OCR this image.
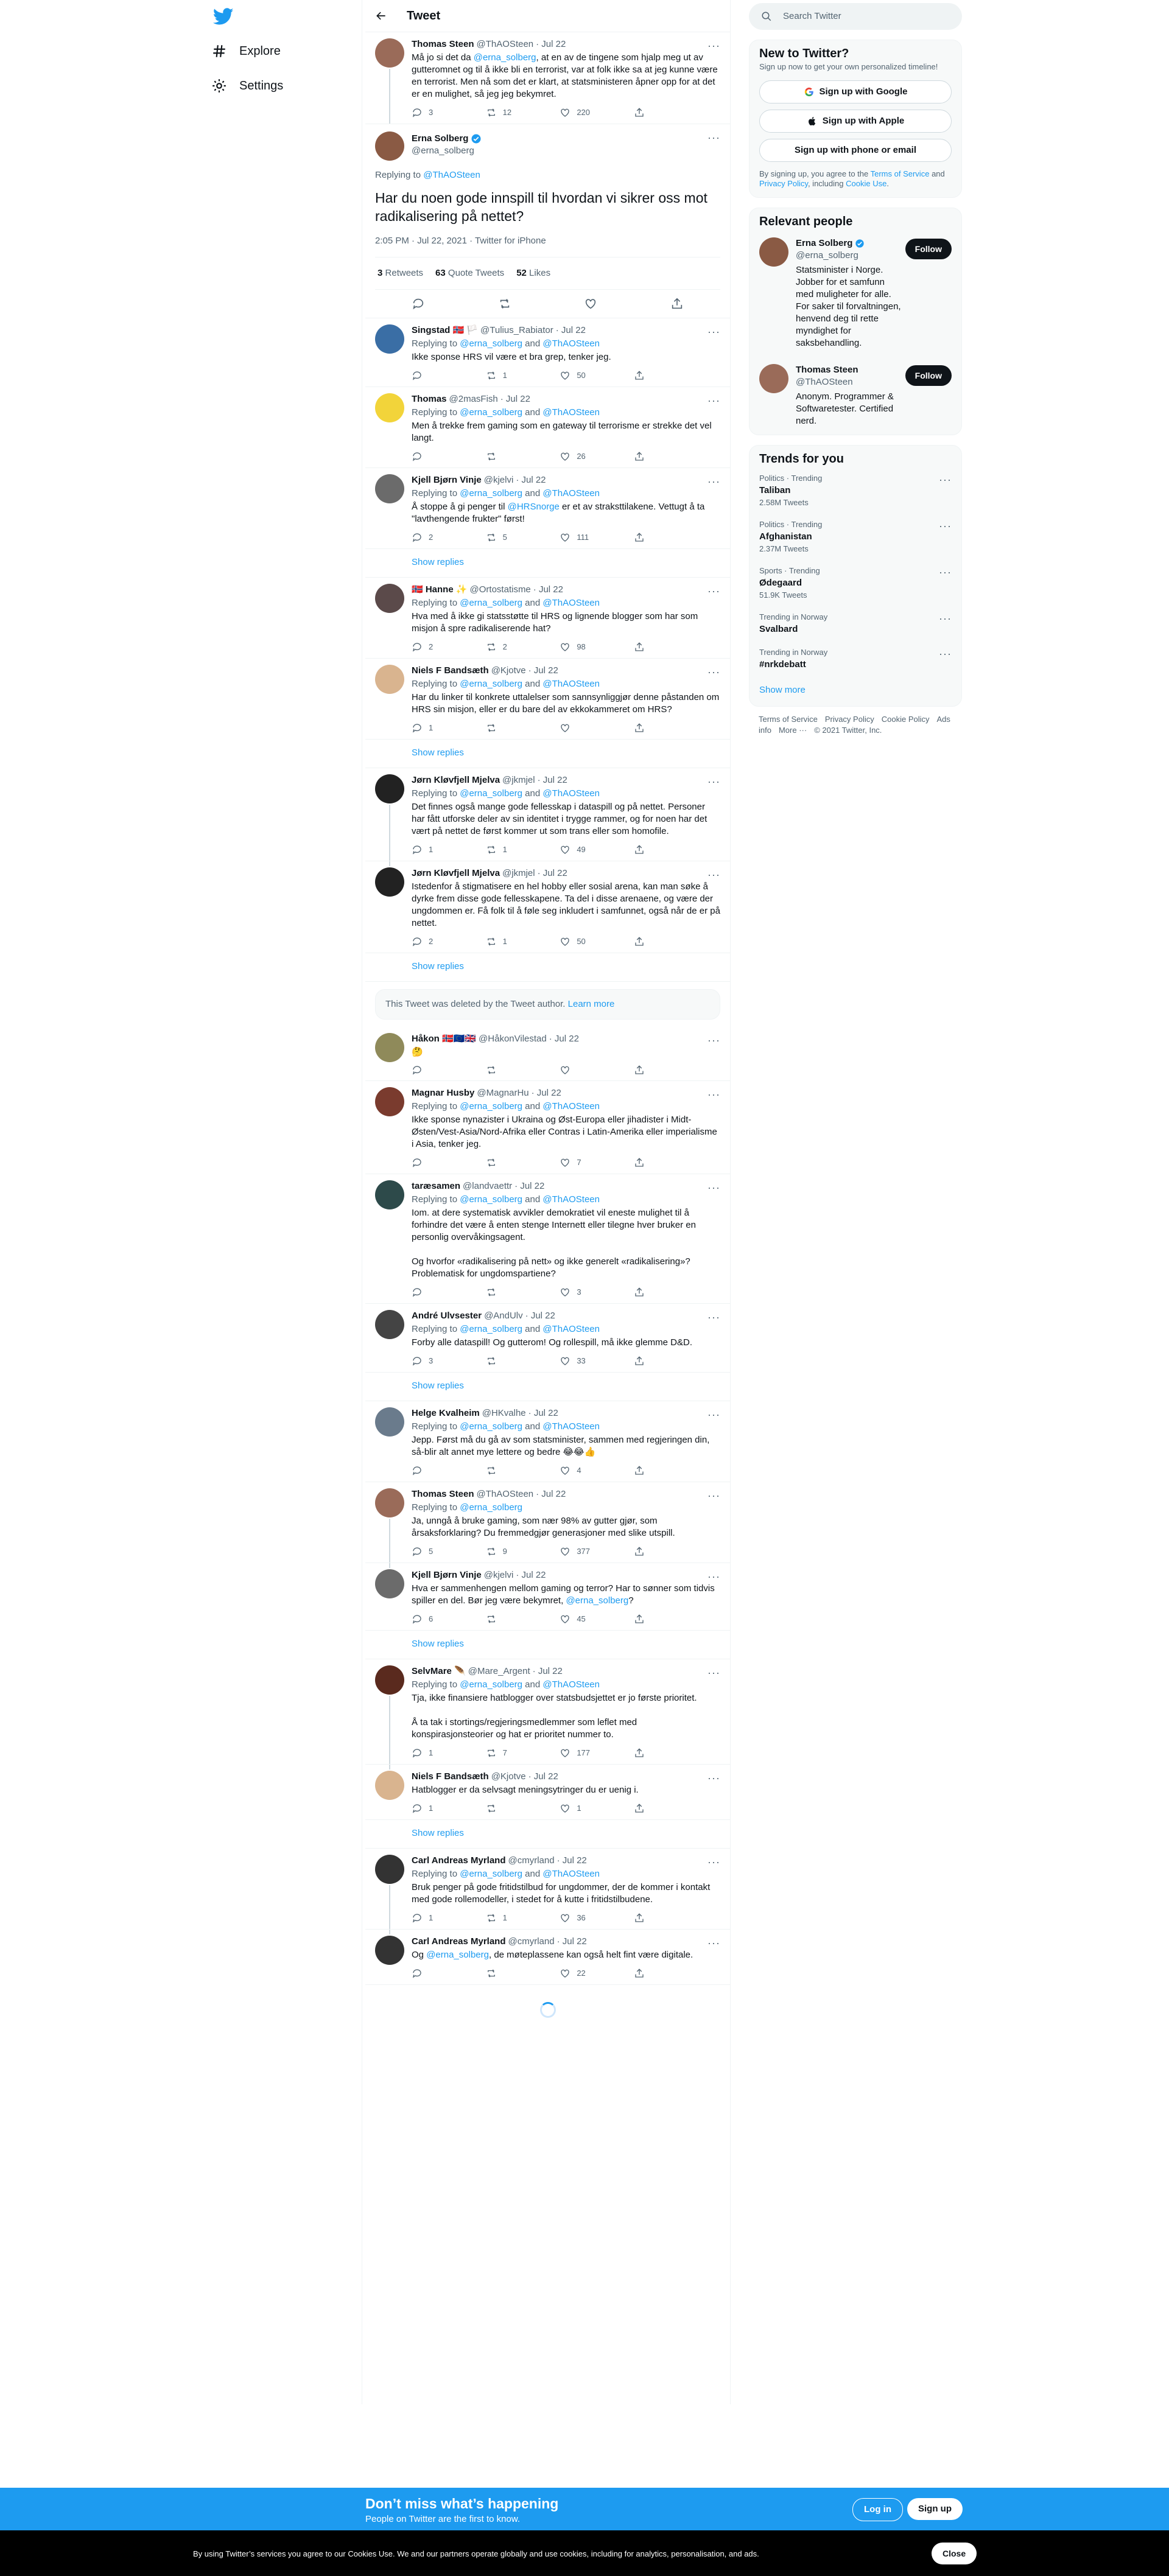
Explore
Settings
Tweet
Thomas Steen @ThAOSteen · Jul 22	···
Må jo si det da @erna_solberg, at en av de tingene som hjalp meg ut av gutteromnet og til å ikke bli en terrorist, var at folk ikke sa at jeg kunne være en terrorist. Men nå som det er klart, at statsministeren åpner opp for at det er en mulighet, så jeg jeg bekymret.
3	12	220
Erna Solberg
@erna_solberg
···
Replying to @ThAOSteen
Har du noen gode innspill til hvordan vi sikrer oss mot radikalisering på nettet?
2:05 PM · Jul 22, 2021 · Twitter for iPhone
3 Retweets 63 Quote Tweets 52 Likes
Singstad 🇳🇴 🏳️ @Tulius_Rabiator · Jul 22	···
Replying to @erna_solberg and @ThAOSteen
Ikke sponse HRS vil være et bra grep, tenker jeg.
1	50
Thomas @2masFish · Jul 22	···
Replying to @erna_solberg and @ThAOSteen
Men å trekke frem gaming som en gateway til terrorisme er strekke det vel langt.
26
Kjell Bjørn Vinje @kjelvi · Jul 22	···
Replying to @erna_solberg and @ThAOSteen
Å stoppe å gi penger til @HRSnorge er et av straksttilakene. Vettugt å ta "lavthengende frukter" først!
2	5	111
Show replies
🇳🇴 Hanne ✨ @Ortostatisme · Jul 22	···
Replying to @erna_solberg and @ThAOSteen
Hva med å ikke gi statsstøtte til HRS og lignende blogger som har som misjon å spre radikaliserende hat?
2	2	98
Niels F Bandsæth @Kjotve · Jul 22	···
Replying to @erna_solberg and @ThAOSteen
Har du linker til konkrete uttalelser som sannsynliggjør denne påstanden om HRS sin misjon, eller er du bare del av ekkokammeret om HRS?
1
Show replies
Jørn Kløvfjell Mjelva @jkmjel · Jul 22	···
Replying to @erna_solberg and @ThAOSteen
Det finnes også mange gode fellesskap i dataspill og på nettet. Personer har fått utforske deler av sin identitet i trygge rammer, og for noen har det vært på nettet de først kommer ut som trans eller som homofile.
1	1	49
Jørn Kløvfjell Mjelva @jkmjel · Jul 22	···
Istedenfor å stigmatisere en hel hobby eller sosial arena, kan man søke å dyrke frem disse gode fellesskapene. Ta del i disse arenaene, og være der ungdommen er. Få folk til å føle seg inkludert i samfunnet, også når de er på nettet.
2	1	50
Show replies
This Tweet was deleted by the Tweet author. Learn more
Håkon 🇳🇴🇪🇺🇬🇧 @HåkonVilestad · Jul 22	···
🤔
Magnar Husby @MagnarHu · Jul 22	···
Replying to @erna_solberg and @ThAOSteen
Ikke sponse nynazister i Ukraina og Øst-Europa eller jihadister i Midt-Østen/Vest-Asia/Nord-Afrika eller Contras i Latin-Amerika eller imperialisme i Asia, tenker jeg.
7
taræsamen @landvaettr · Jul 22	···
Replying to @erna_solberg and @ThAOSteen
Iom. at dere systematisk avvikler demokratiet vil eneste mulighet til å forhindre det være å enten stenge Internett eller tilegne hver bruker en personlig overvåkingsagent.

Og hvorfor «radikalisering på nett» og ikke generelt «radikalisering»? Problematisk for ungdomspartiene?
3
André Ulvsester @AndUlv · Jul 22	···
Replying to @erna_solberg and @ThAOSteen
Forby alle dataspill! Og gutterom! Og rollespill, må ikke glemme D&D.
3	33
Show replies
Helge Kvalheim @HKvalhe · Jul 22	···
Replying to @erna_solberg and @ThAOSteen
Jepp. Først må du gå av som statsminister, sammen med regjeringen din, så-blir alt annet mye lettere og bedre 😂😂👍
4
Thomas Steen @ThAOSteen · Jul 22	···
Replying to @erna_solberg
Ja, unngå å bruke gaming, som nær 98% av gutter gjør, som årsaksforklaring? Du fremmedgjør generasjoner med slike utspill.
5	9	377
Kjell Bjørn Vinje @kjelvi · Jul 22	···
Hva er sammenhengen mellom gaming og terror? Har to sønner som tidvis spiller en del. Bør jeg være bekymret, @erna_solberg?
6	45
Show replies
SelvMare 🪶 @Mare_Argent · Jul 22	···
Replying to @erna_solberg and @ThAOSteen
Tja, ikke finansiere hatblogger over statsbudsjettet er jo første prioritet.

Å ta tak i stortings/regjeringsmedlemmer som leflet med konspirasjonsteorier og hat er prioritet nummer to.
1	7	177
Niels F Bandsæth @Kjotve · Jul 22	···
Hatblogger er da selvsagt meningsytringer du er uenig i.
1	1
Show replies
Carl Andreas Myrland @cmyrland · Jul 22	···
Replying to @erna_solberg and @ThAOSteen
Bruk penger på gode fritidstilbud for ungdommer, der de kommer i kontakt med gode rollemodeller, i stedet for å kutte i fritidstilbudene.
1	1	36
Carl Andreas Myrland @cmyrland · Jul 22	···
Og @erna_solberg, de møteplassene kan også helt fint være digitale.
22
Search Twitter
New to Twitter?
Sign up now to get your own personalized timeline!
Sign up with Google
Sign up with Apple
Sign up with phone or email
By signing up, you agree to the Terms of Service and Privacy Policy, including Cookie Use.
Relevant people
Erna Solberg
@erna_solberg
Statsminister i Norge. Jobber for et samfunn med muligheter for alle. For saker til forvaltningen, henvend deg til rette myndighet for saksbehandling.
Follow
Thomas Steen
@ThAOSteen
Anonym. Programmer & Softwaretester. Certified nerd.
Follow
Trends for you
Politics · Trending
Taliban
2.58M Tweets
···
Politics · Trending
Afghanistan
2.37M Tweets
···
Sports · Trending
Ødegaard
51.9K Tweets
···
Trending in Norway
Svalbard
···
Trending in Norway
#nrkdebatt
···
Show more
Terms of Service Privacy Policy Cookie Policy Ads info More ··· © 2021 Twitter, Inc.
Don’t miss what’s happening
People on Twitter are the first to know.
Log in	Sign up
By using Twitter’s services you agree to our Cookies Use. We and our partners operate globally and use cookies, including for analytics, personalisation, and ads.	Close
